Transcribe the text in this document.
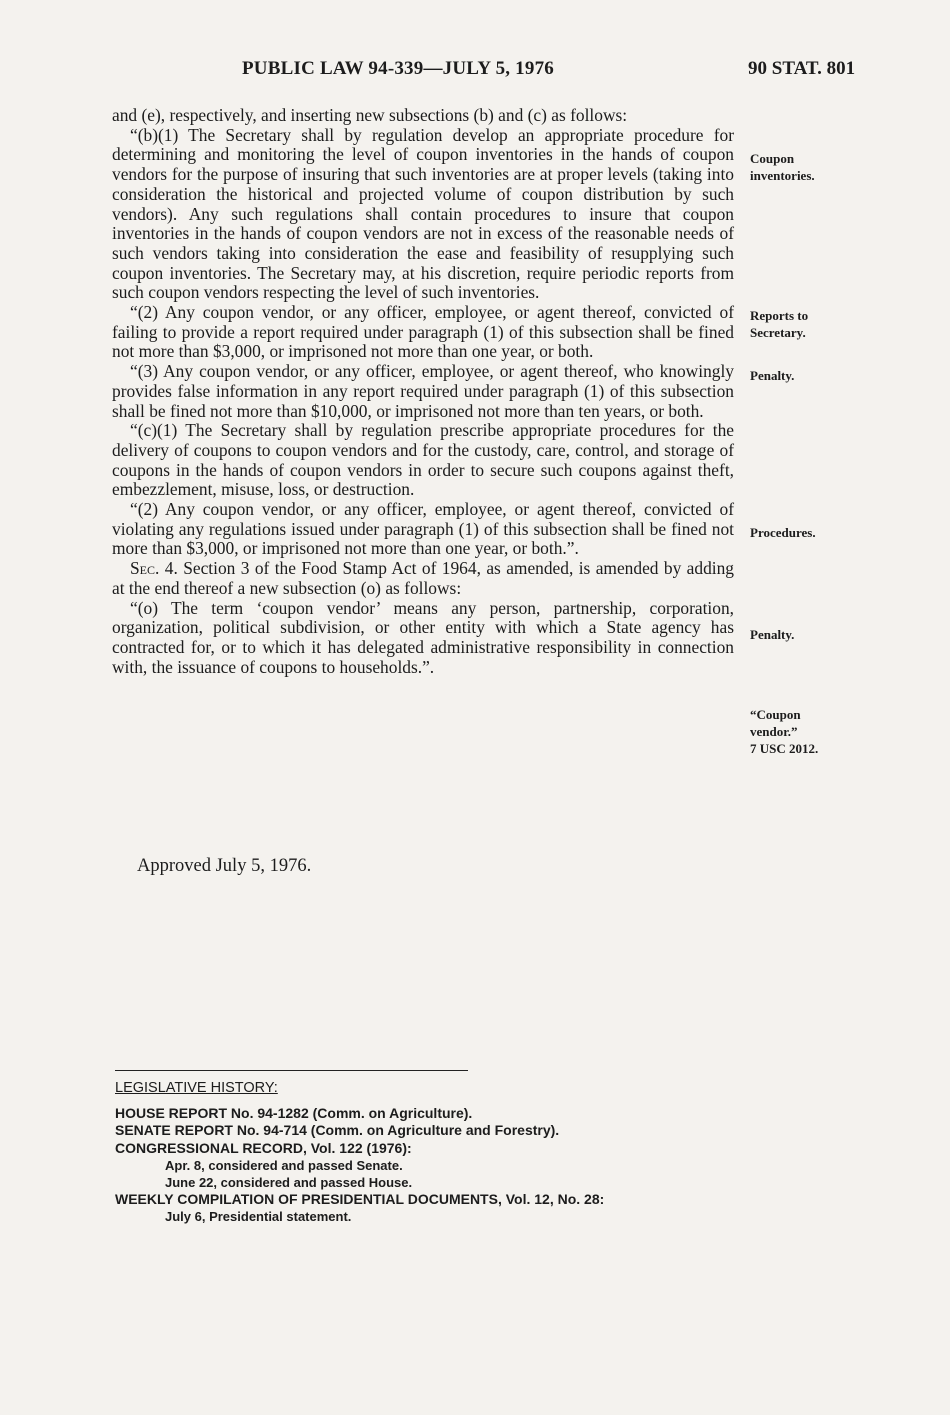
PUBLIC LAW 94-339—JULY 5, 1976	90 STAT. 801

and (e), respectively, and inserting new subsections (b) and (c) as follows:

“(b)(1) The Secretary shall by regulation develop an appropriate procedure for determining and monitoring the level of coupon inventories in the hands of coupon vendors for the purpose of insuring that such inventories are at proper levels (taking into consideration the historical and projected volume of coupon distribution by such vendors). Any such regulations shall contain procedures to insure that coupon inventories in the hands of coupon vendors are not in excess of the reasonable needs of such vendors taking into consideration the ease and feasibility of resupplying such coupon inventories. The Secretary may, at his discretion, require periodic reports from such coupon vendors respecting the level of such inventories.

“(2) Any coupon vendor, or any officer, employee, or agent thereof, convicted of failing to provide a report required under paragraph (1) of this subsection shall be fined not more than $3,000, or imprisoned not more than one year, or both.

“(3) Any coupon vendor, or any officer, employee, or agent thereof, who knowingly provides false information in any report required under paragraph (1) of this subsection shall be fined not more than $10,000, or imprisoned not more than ten years, or both.

“(c)(1) The Secretary shall by regulation prescribe appropriate procedures for the delivery of coupons to coupon vendors and for the custody, care, control, and storage of coupons in the hands of coupon vendors in order to secure such coupons against theft, embezzlement, misuse, loss, or destruction.

“(2) Any coupon vendor, or any officer, employee, or agent thereof, convicted of violating any regulations issued under paragraph (1) of this subsection shall be fined not more than $3,000, or imprisoned not more than one year, or both.”.

Sec. 4. Section 3 of the Food Stamp Act of 1964, as amended, is amended by adding at the end thereof a new subsection (o) as follows:

“(o) The term ‘coupon vendor’ means any person, partnership, corporation, organization, political subdivision, or other entity with which a State agency has contracted for, or to which it has delegated administrative responsibility in connection with, the issuance of coupons to households.”.

Approved July 5, 1976.
Coupon
inventories.
Reports to
Secretary.
Penalty.
Procedures.
Penalty.
“Coupon
vendor.”
7 USC 2012.
LEGISLATIVE HISTORY:
HOUSE REPORT No. 94-1282 (Comm. on Agriculture).
SENATE REPORT No. 94-714 (Comm. on Agriculture and Forestry).
CONGRESSIONAL RECORD, Vol. 122 (1976):
Apr. 8, considered and passed Senate.
June 22, considered and passed House.
WEEKLY COMPILATION OF PRESIDENTIAL DOCUMENTS, Vol. 12, No. 28:
July 6, Presidential statement.
